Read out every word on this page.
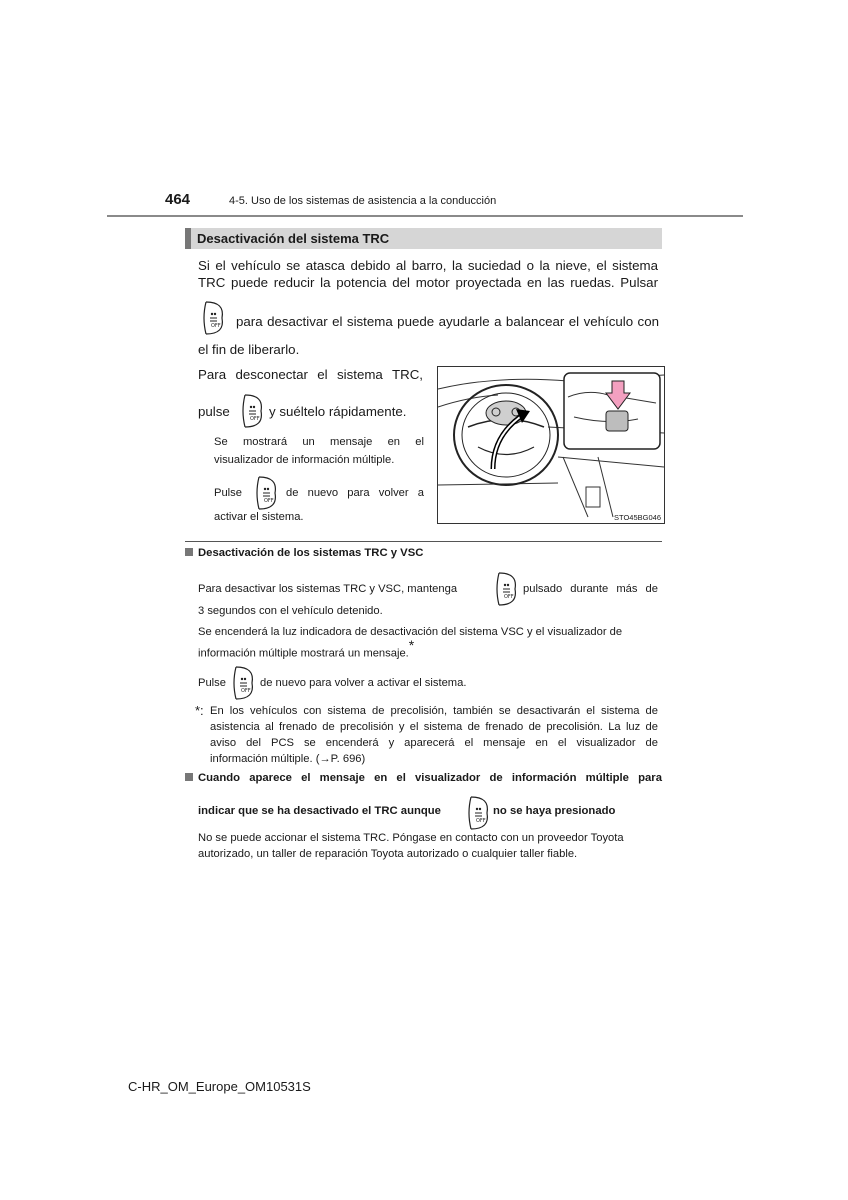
464	4-5. Uso de los sistemas de asistencia a la conducción
Desactivación del sistema TRC
Si el vehículo se atasca debido al barro, la suciedad o la nieve, el sistema
TRC puede reducir la potencia del motor proyectada en las ruedas. Pulsar
OFF para desactivar el sistema puede ayudarle a balancear el vehículo con
el fin de liberarlo.
Para desconectar el sistema TRC,
pulse	OFF y suéltelo rápidamente.
Se mostrará un mensaje en el
visualizador de información múltiple.
Pulse
OFF
de nuevo para volver a
activar el sistema.	STO45BG046
Desactivación de los sistemas TRC y VSC
Para desactivar los sistemas TRC y VSC, mantenga
OFF
pulsado durante más de
3 segundos con el vehículo detenido.
Se encenderá la luz indicadora de desactivación del sistema VSC y el visualizador de
información múltiple mostrará un mensaje.*
Pulse
OFF
de nuevo para volver a activar el sistema.
*: En los vehículos con sistema de precolisión, también se desactivarán el sistema de
asistencia al frenado de precolisión y el sistema de frenado de precolisión. La luz de
aviso del PCS se encenderá y aparecerá el mensaje en el visualizador de
información múltiple. (→P. 696)
Cuando aparece el mensaje en el visualizador de información múltiple para
indicar que se ha desactivado el TRC aunque
OFF
no se haya presionado
No se puede accionar el sistema TRC. Póngase en contacto con un proveedor Toyota
autorizado, un taller de reparación Toyota autorizado o cualquier taller fiable.
C-HR_OM_Europe_OM10531S
